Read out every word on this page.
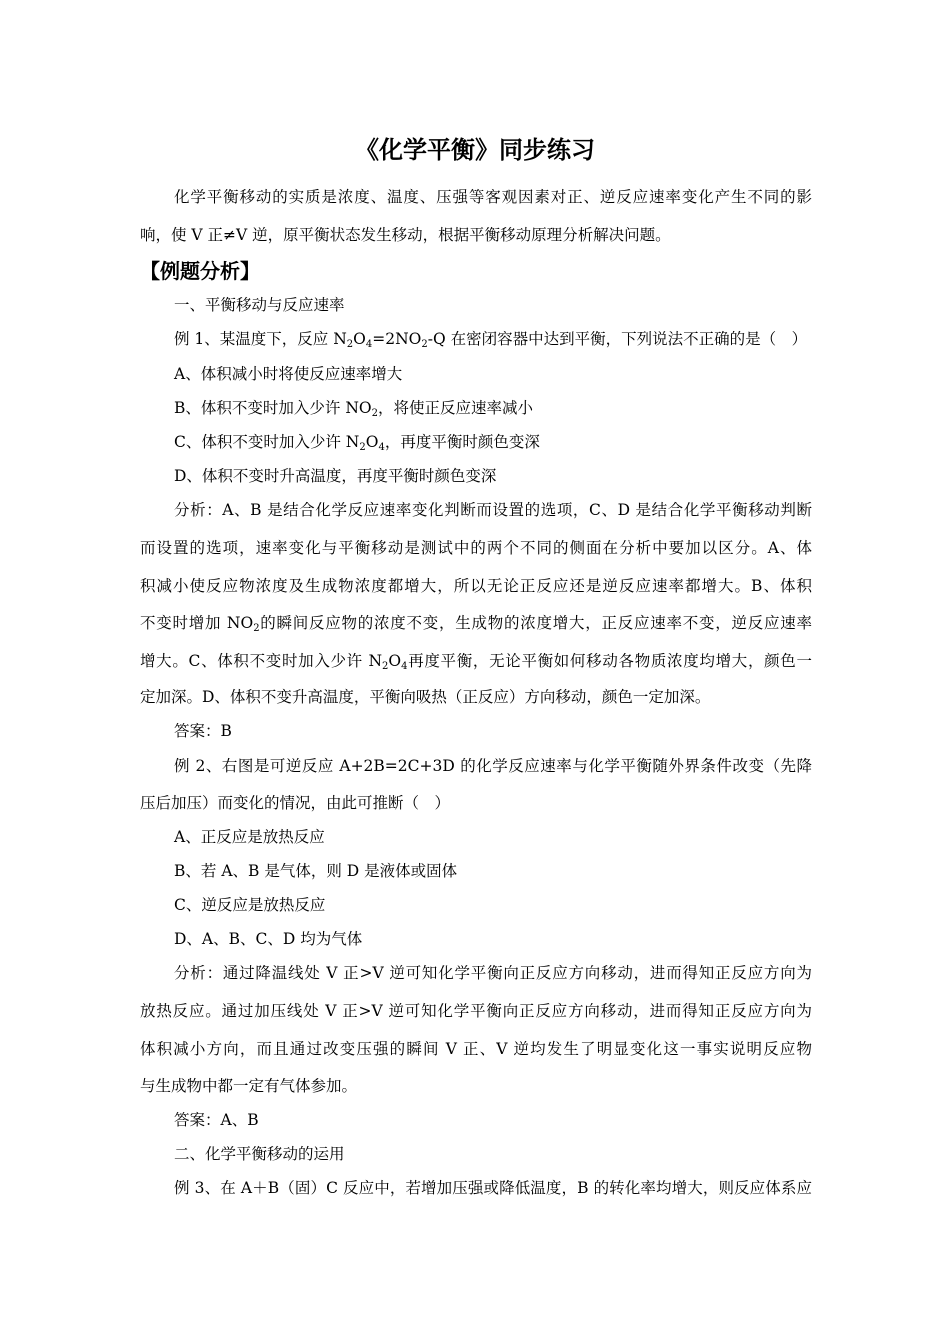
《化学平衡》同步练习
化学平衡移动的实质是浓度、温度、压强等客观因素对正、逆反应速率变化产生不同的影
响，使 V 正≠V 逆，原平衡状态发生移动，根据平衡移动原理分析解决问题。
【例题分析】
一、平衡移动与反应速率
例 1、某温度下，反应 $N_2O_4=2NO_2-Q$ 在密闭容器中达到平衡，下列说法不正确的是（　）
A、体积减小时将使反应速率增大
B、体积不变时加入少许 $NO_2$，将使正反应速率减小
C、体积不变时加入少许 $N_2O_4$，再度平衡时颜色变深
D、体积不变时升高温度，再度平衡时颜色变深
分析：A、B 是结合化学反应速率变化判断而设置的选项，C、D 是结合化学平衡移动判断
而设置的选项，速率变化与平衡移动是测试中的两个不同的侧面在分析中要加以区分。A、体
积减小使反应物浓度及生成物浓度都增大，所以无论正反应还是逆反应速率都增大。B、体积
不变时增加 $NO_2$的瞬间反应物的浓度不变，生成物的浓度增大，正反应速率不变，逆反应速率
增大。C、体积不变时加入少许 $N_2O_4$再度平衡，无论平衡如何移动各物质浓度均增大，颜色一
定加深。D、体积不变升高温度，平衡向吸热（正反应）方向移动，颜色一定加深。
答案：B
例 2、右图是可逆反应 A+2B=2C+3D 的化学反应速率与化学平衡随外界条件改变（先降
压后加压）而变化的情况，由此可推断（　）
A、正反应是放热反应
B、若 A、B 是气体，则 D 是液体或固体
C、逆反应是放热反应
D、A、B、C、D 均为气体
分析：通过降温线处 V 正>V 逆可知化学平衡向正反应方向移动，进而得知正反应方向为
放热反应。通过加压线处 V 正>V 逆可知化学平衡向正反应方向移动，进而得知正反应方向为
体积减小方向，而且通过改变压强的瞬间 V 正、V 逆均发生了明显变化这一事实说明反应物
与生成物中都一定有气体参加。
答案：A、B
二、化学平衡移动的运用
例 3、在 A＋B（固）C 反应中，若增加压强或降低温度，B 的转化率均增大，则反应体系应
